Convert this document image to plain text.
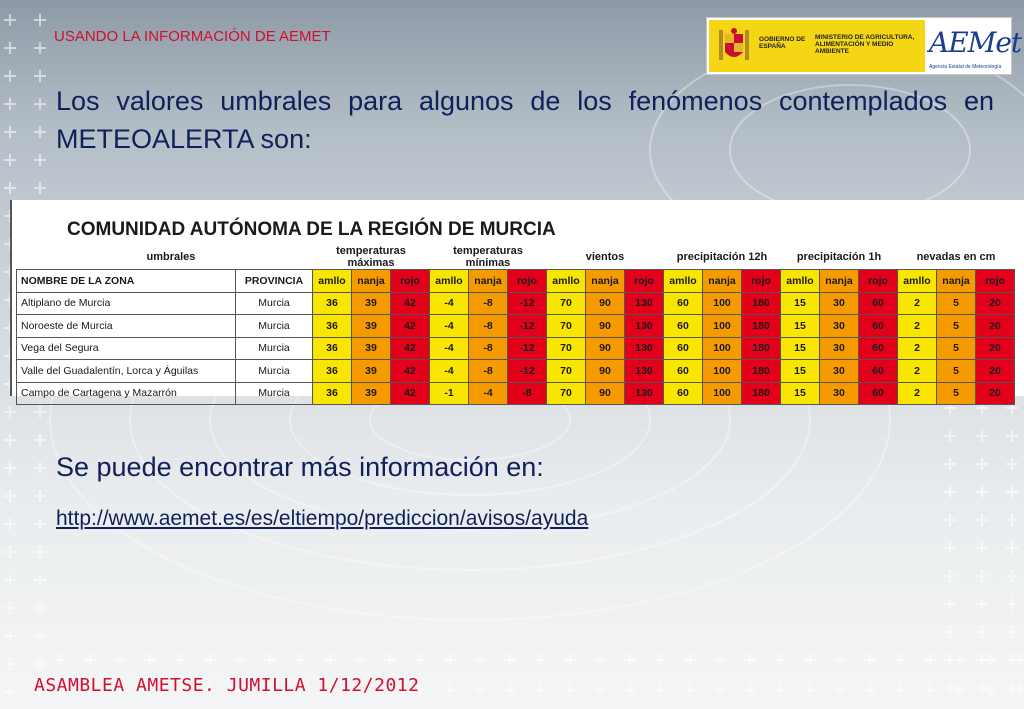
USANDO LA INFORMACIÓN DE AEMET	GOBIERNO DE ESPAÑA
MINISTERIO DE AGRICULTURA, ALIMENTACIÓN Y MEDIO AMBIENTE	AEMet
Agencia Estatal de Meteorología

Los valores umbrales para algunos de los fenómenos contemplados en METEOALERTA son:

COMUNIDAD AUTÓNOMA DE LA REGIÓN DE MURCIA
umbrales		temperaturas máximas			temperaturas mínimas			vientos			precipitación 12h			precipitación 1h			nevadas en cm		
NOMBRE DE LA ZONA	PROVINCIA	amllo	nanja	rojo	amllo	nanja	rojo	amllo	nanja	rojo	amllo	nanja	rojo	amllo	nanja	rojo	amllo	nanja	rojo
Altiplano de Murcia	Murcia	36	39	42	-4	-8	-12	70	90	130	60	100	180	15	30	60	2	5	20
Noroeste de Murcia	Murcia	36	39	42	-4	-8	-12	70	90	130	60	100	180	15	30	60	2	5	20
Vega del Segura	Murcia	36	39	42	-4	-8	-12	70	90	130	60	100	180	15	30	60	2	5	20
Valle del Guadalentín, Lorca y Águilas	Murcia	36	39	42	-4	-8	-12	70	90	130	60	100	180	15	30	60	2	5	20
Campo de Cartagena y Mazarrón	Murcia	36	39	42	-1	-4	-8	70	90	130	60	100	180	15	30	60	2	5	20

Se puede encontrar más información en:

http://www.aemet.es/es/eltiempo/prediccion/avisos/ayuda
ASAMBLEA AMETSE. JUMILLA 1/12/2012
